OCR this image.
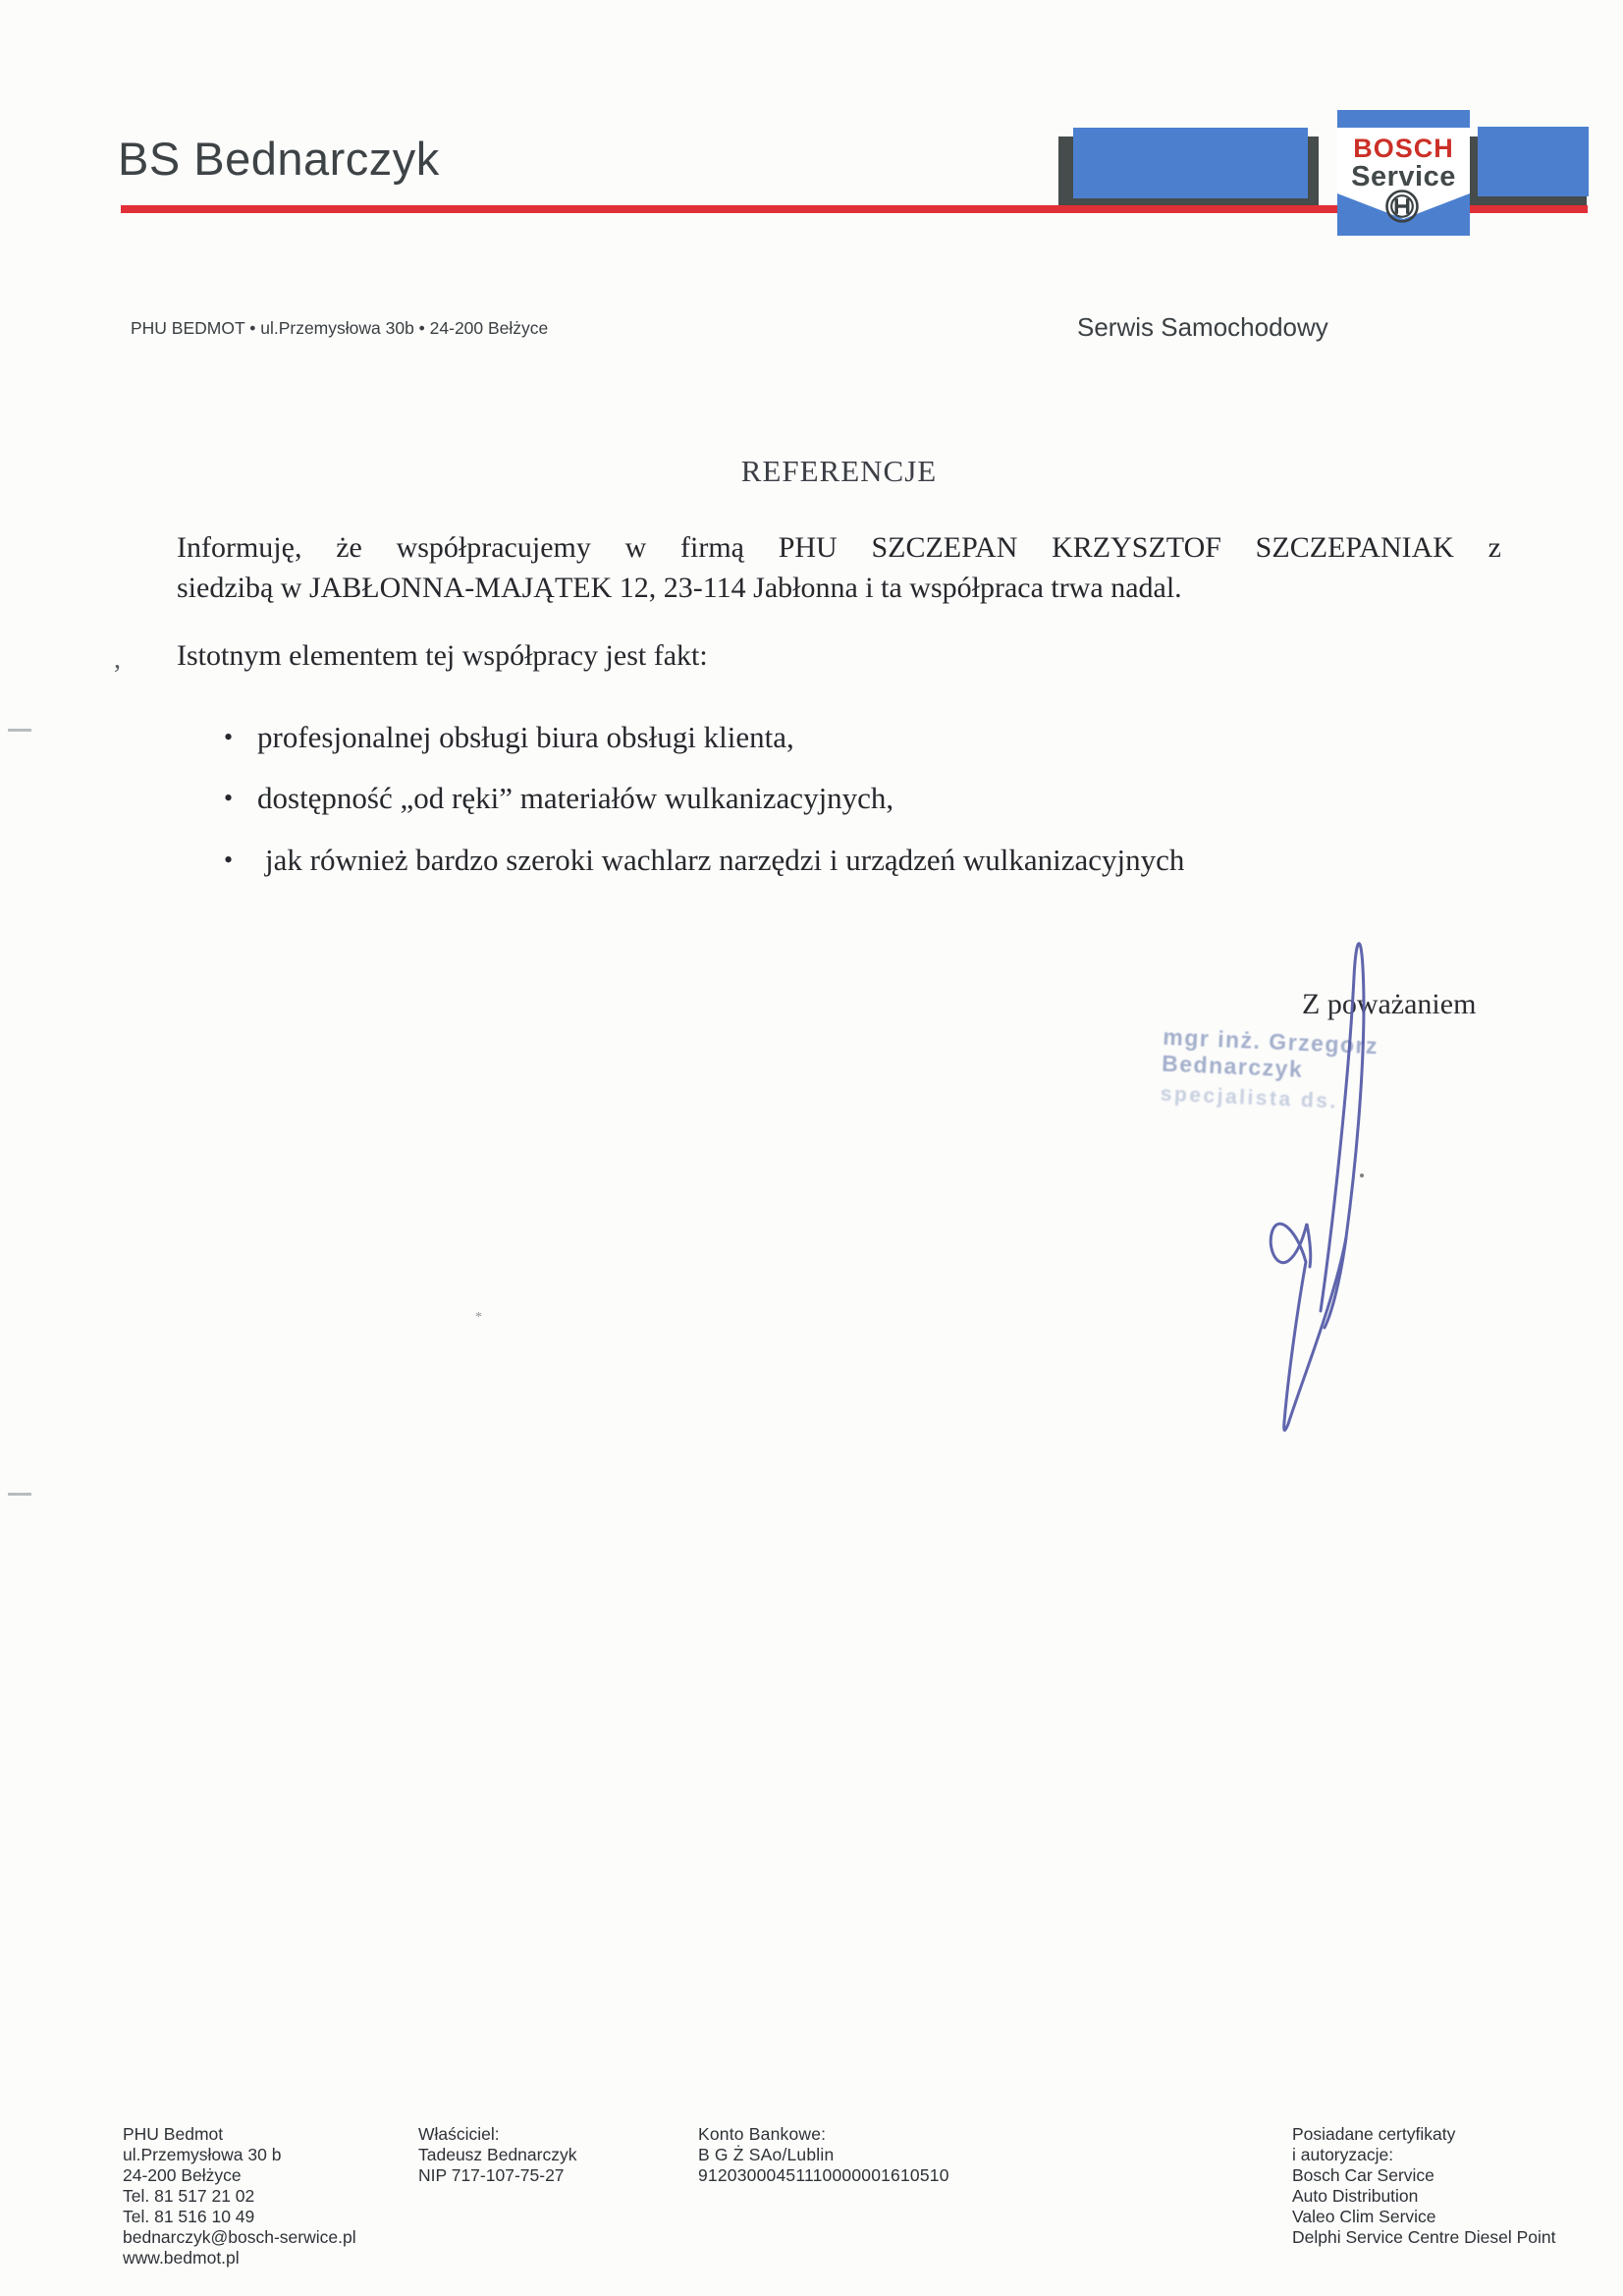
BS Bednarczyk	BOSCH
Service
PHU BEDMOT • ul.Przemysłowa 30b • 24-200 Bełżyce	Serwis Samochodowy
REFERENCJE
Informuję, że współpracujemy w firmą PHU SZCZEPAN KRZYSZTOF SZCZEPANIAK z
siedzibą w JABŁONNA-MAJĄTEK 12, 23-114 Jabłonna i ta współpraca trwa nadal.
, Istotnym elementem tej współpracy jest fakt:
• profesjonalnej obsługi biura obsługi klienta,
• dostępność „od ręki” materiałów wulkanizacyjnych,
• jak również bardzo szeroki wachlarz narzędzi i urządzeń wulkanizacyjnych
Z poważaniem
mgr inż. Grzegorz Bednarczyk
specjalista ds.
*
PHU Bedmot
ul.Przemysłowa 30 b
24-200 Bełżyce
Tel. 81 517 21 02
Tel. 81 516 10 49
bednarczyk@bosch-serwice.pl
www.bedmot.pl
Właściciel:
Tadeusz Bednarczyk
NIP 717-107-75-27
Konto Bankowe:
B G Ż SAo/Lublin
91203000451110000001610510
Posiadane certyfikaty
i autoryzacje:
Bosch Car Service
Auto Distribution
Valeo Clim Service
Delphi Service Centre Diesel Point
